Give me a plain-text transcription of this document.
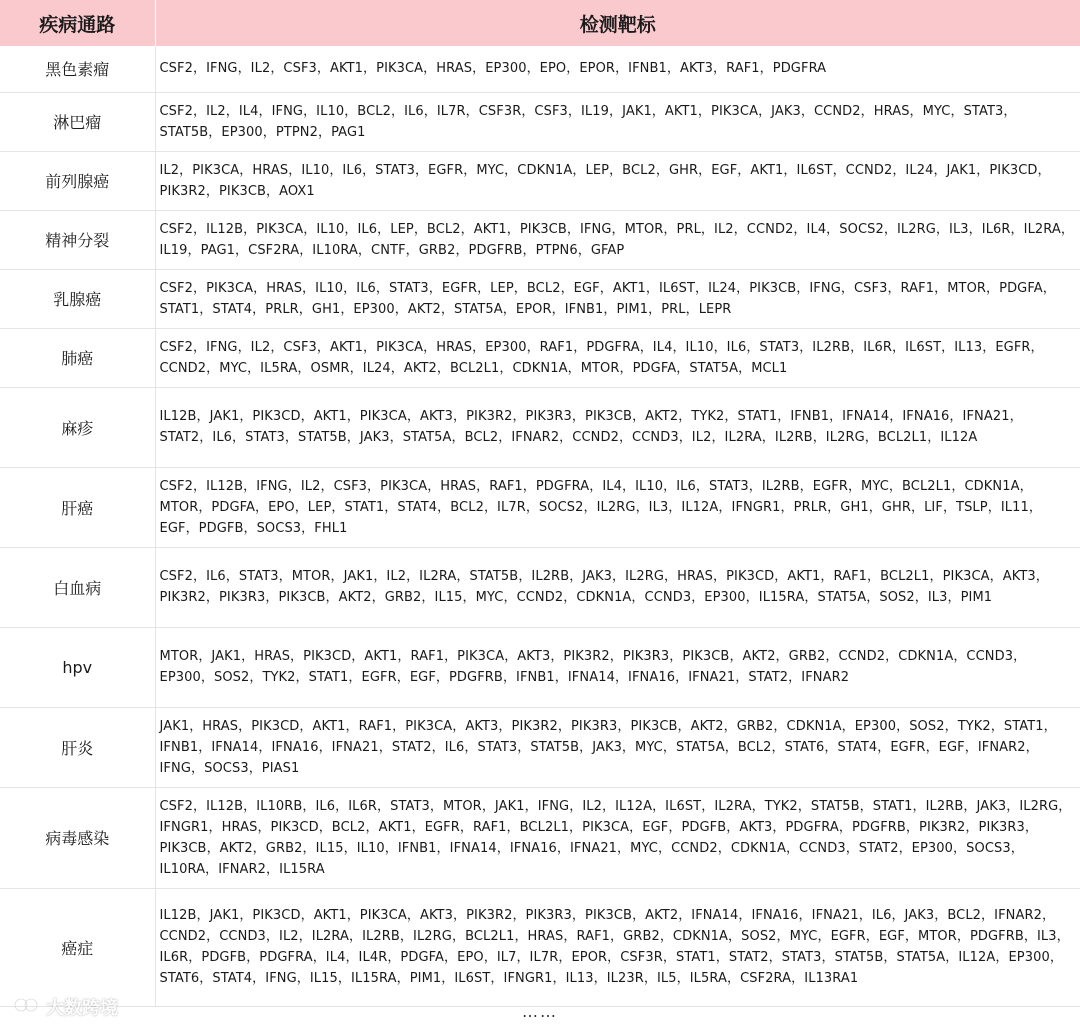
疾病通路	检测靶标
黑色素瘤	CSF2，IFNG，IL2，CSF3，AKT1，PIK3CA，HRAS，EP300，EPO，EPOR，IFNB1，AKT3，RAF1，PDGFRA
淋巴瘤	CSF2，IL2，IL4，IFNG，IL10，BCL2，IL6，IL7R，CSF3R，CSF3，IL19，JAK1，AKT1，PIK3CA，JAK3，CCND2，HRAS，MYC，STAT3，STAT5B，EP300，PTPN2，PAG1
前列腺癌	IL2，PIK3CA，HRAS，IL10，IL6，STAT3，EGFR，MYC，CDKN1A，LEP，BCL2，GHR，EGF，AKT1，IL6ST，CCND2，IL24，JAK1，PIK3CD，PIK3R2，PIK3CB，AOX1
精神分裂	CSF2，IL12B，PIK3CA，IL10，IL6，LEP，BCL2，AKT1，PIK3CB，IFNG，MTOR，PRL，IL2，CCND2，IL4，SOCS2，IL2RG，IL3，IL6R，IL2RA，IL19，PAG1，CSF2RA，IL10RA，CNTF，GRB2，PDGFRB，PTPN6，GFAP
乳腺癌	CSF2，PIK3CA，HRAS，IL10，IL6，STAT3，EGFR，LEP，BCL2，EGF，AKT1，IL6ST，IL24，PIK3CB，IFNG，CSF3，RAF1，MTOR，PDGFA，STAT1，STAT4，PRLR，GH1，EP300，AKT2，STAT5A，EPOR，IFNB1，PIM1，PRL，LEPR
肺癌	CSF2，IFNG，IL2，CSF3，AKT1，PIK3CA，HRAS，EP300，RAF1，PDGFRA，IL4，IL10，IL6，STAT3，IL2RB，IL6R，IL6ST，IL13，EGFR，CCND2，MYC，IL5RA，OSMR，IL24，AKT2，BCL2L1，CDKN1A，MTOR，PDGFA，STAT5A，MCL1
麻疹	IL12B，JAK1，PIK3CD，AKT1，PIK3CA，AKT3，PIK3R2，PIK3R3，PIK3CB，AKT2，TYK2，STAT1，IFNB1，IFNA14，IFNA16，IFNA21，STAT2，IL6，STAT3，STAT5B，JAK3，STAT5A，BCL2，IFNAR2，CCND2，CCND3，IL2，IL2RA，IL2RB，IL2RG，BCL2L1，IL12A
肝癌	CSF2，IL12B，IFNG，IL2，CSF3，PIK3CA，HRAS，RAF1，PDGFRA，IL4，IL10，IL6，STAT3，IL2RB，EGFR，MYC，BCL2L1，CDKN1A，MTOR，PDGFA，EPO，LEP，STAT1，STAT4，BCL2，IL7R，SOCS2，IL2RG，IL3，IL12A，IFNGR1，PRLR，GH1，GHR，LIF，TSLP，IL11，EGF，PDGFB，SOCS3，FHL1
白血病	CSF2，IL6，STAT3，MTOR，JAK1，IL2，IL2RA，STAT5B，IL2RB，JAK3，IL2RG，HRAS，PIK3CD，AKT1，RAF1，BCL2L1，PIK3CA，AKT3，PIK3R2，PIK3R3，PIK3CB，AKT2，GRB2，IL15，MYC，CCND2，CDKN1A，CCND3，EP300，IL15RA，STAT5A，SOS2，IL3，PIM1
hpv	MTOR，JAK1，HRAS，PIK3CD，AKT1，RAF1，PIK3CA，AKT3，PIK3R2，PIK3R3，PIK3CB，AKT2，GRB2，CCND2，CDKN1A，CCND3，EP300，SOS2，TYK2，STAT1，EGFR，EGF，PDGFRB，IFNB1，IFNA14，IFNA16，IFNA21，STAT2，IFNAR2
肝炎	JAK1，HRAS，PIK3CD，AKT1，RAF1，PIK3CA，AKT3，PIK3R2，PIK3R3，PIK3CB，AKT2，GRB2，CDKN1A，EP300，SOS2，TYK2，STAT1，IFNB1，IFNA14，IFNA16，IFNA21，STAT2，IL6，STAT3，STAT5B，JAK3，MYC，STAT5A，BCL2，STAT6，STAT4，EGFR，EGF，IFNAR2，IFNG，SOCS3，PIAS1
病毒感染	CSF2，IL12B，IL10RB，IL6，IL6R，STAT3，MTOR，JAK1，IFNG，IL2，IL12A，IL6ST，IL2RA，TYK2，STAT5B，STAT1，IL2RB，JAK3，IL2RG，IFNGR1，HRAS，PIK3CD，BCL2，AKT1，EGFR，RAF1，BCL2L1，PIK3CA，EGF，PDGFB，AKT3，PDGFRA，PDGFRB，PIK3R2，PIK3R3，PIK3CB，AKT2，GRB2，IL15，IL10，IFNB1，IFNA14，IFNA16，IFNA21，MYC，CCND2，CDKN1A，CCND3，STAT2，EP300，SOCS3，IL10RA，IFNAR2，IL15RA
癌症	IL12B，JAK1，PIK3CD，AKT1，PIK3CA，AKT3，PIK3R2，PIK3R3，PIK3CB，AKT2，IFNA14，IFNA16，IFNA21，IL6，JAK3，BCL2，IFNAR2，CCND2，CCND3，IL2，IL2RA，IL2RB，IL2RG，BCL2L1，HRAS，RAF1，GRB2，CDKN1A，SOS2，MYC，EGFR，EGF，MTOR，PDGFRB，IL3，IL6R，PDGFB，PDGFRA，IL4，IL4R，PDGFA，EPO，IL7，IL7R，EPOR，CSF3R，STAT1，STAT2，STAT3，STAT5B，STAT5A，IL12A，EP300，STAT6，STAT4，IFNG，IL15，IL15RA，PIM1，IL6ST，IFNGR1，IL13，IL23R，IL5，IL5RA，CSF2RA，IL13RA1
……
大数跨境
